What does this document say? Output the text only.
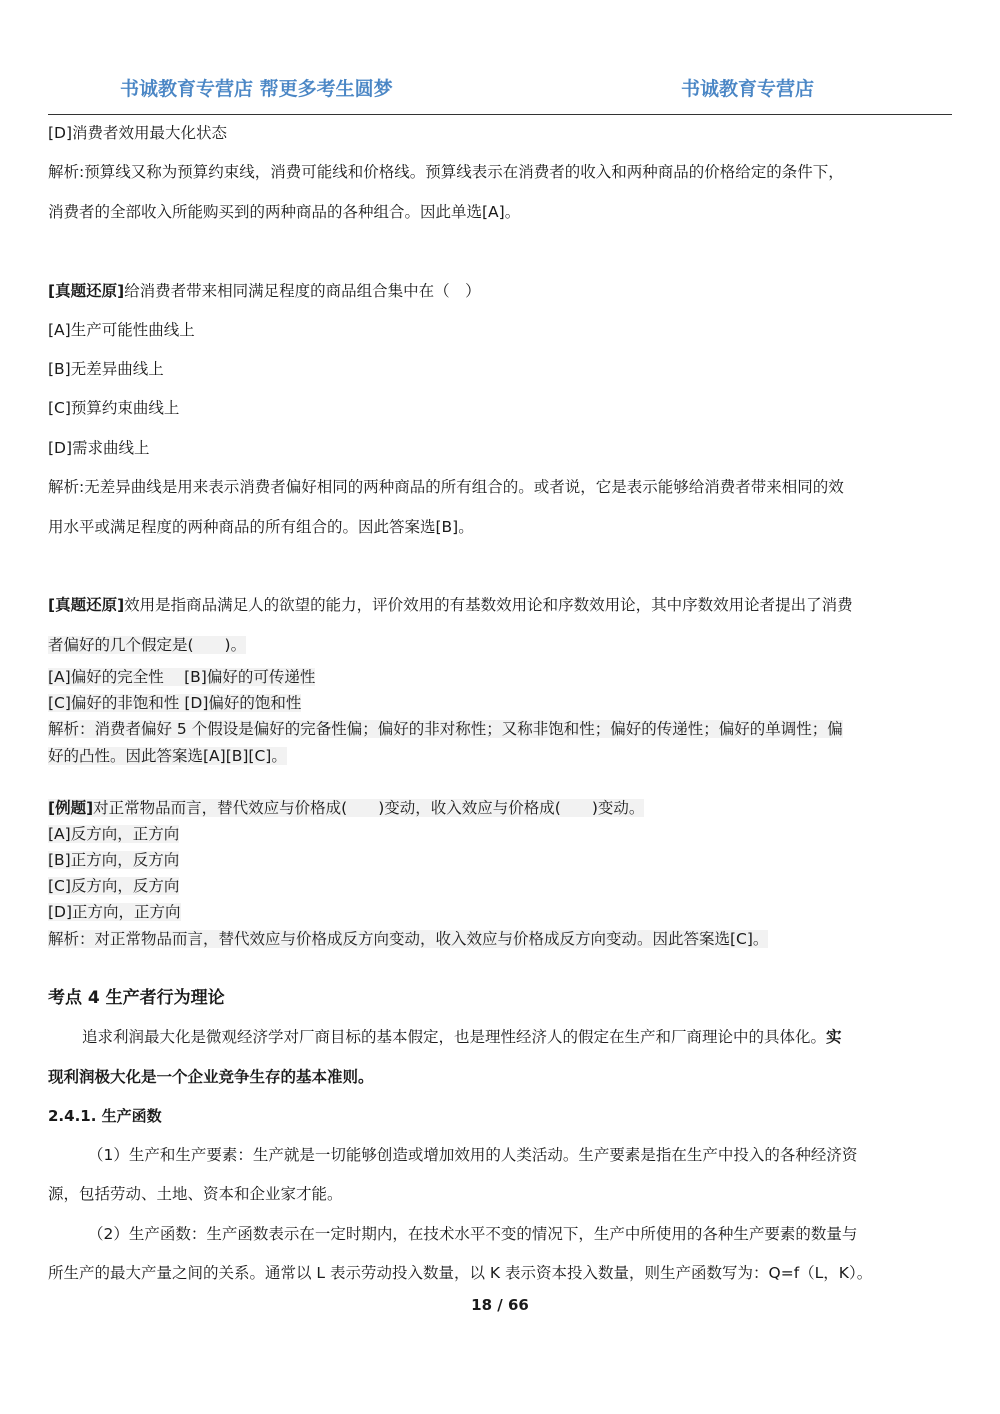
书诚教育专营店 帮更多考生圆梦	书诚教育专营店
[D]消费者效用最大化状态
解析:预算线又称为预算约束线，消费可能线和价格线。预算线表示在消费者的收入和两种商品的价格给定的条件下，
消费者的全部收入所能购买到的两种商品的各种组合。因此单选[A]。
[真题还原]给消费者带来相同满足程度的商品组合集中在（　）
[A]生产可能性曲线上
[B]无差异曲线上
[C]预算约束曲线上
[D]需求曲线上
解析:无差异曲线是用来表示消费者偏好相同的两种商品的所有组合的。或者说，它是表示能够给消费者带来相同的效
用水平或满足程度的两种商品的所有组合的。因此答案选[B]。
[真题还原]效用是指商品满足人的欲望的能力，评价效用的有基数效用论和序数效用论，其中序数效用论者提出了消费
者偏好的几个假定是(　　)。
[A]偏好的完全性　 [B]偏好的可传递性
[C]偏好的非饱和性 [D]偏好的饱和性
解析：消费者偏好 5 个假设是偏好的完备性偏；偏好的非对称性；又称非饱和性；偏好的传递性；偏好的单调性；偏
好的凸性。因此答案选[A][B][C]。
[例题]对正常物品而言，替代效应与价格成(　　)变动，收入效应与价格成(　　)变动。
[A]反方向，正方向
[B]正方向，反方向
[C]反方向，反方向
[D]正方向，正方向
解析：对正常物品而言，替代效应与价格成反方向变动，收入效应与价格成反方向变动。因此答案选[C]。
考点 4 生产者行为理论
追求利润最大化是微观经济学对厂商目标的基本假定，也是理性经济人的假定在生产和厂商理论中的具体化。实
现利润极大化是一个企业竞争生存的基本准则。
2.4.1. 生产函数
（1）生产和生产要素：生产就是一切能够创造或增加效用的人类活动。生产要素是指在生产中投入的各种经济资
源，包括劳动、土地、资本和企业家才能。
（2）生产函数：生产函数表示在一定时期内，在技术水平不变的情况下，生产中所使用的各种生产要素的数量与
所生产的最大产量之间的关系。通常以 L 表示劳动投入数量，以 K 表示资本投入数量，则生产函数写为：Q=f（L，K）。
18 / 66
